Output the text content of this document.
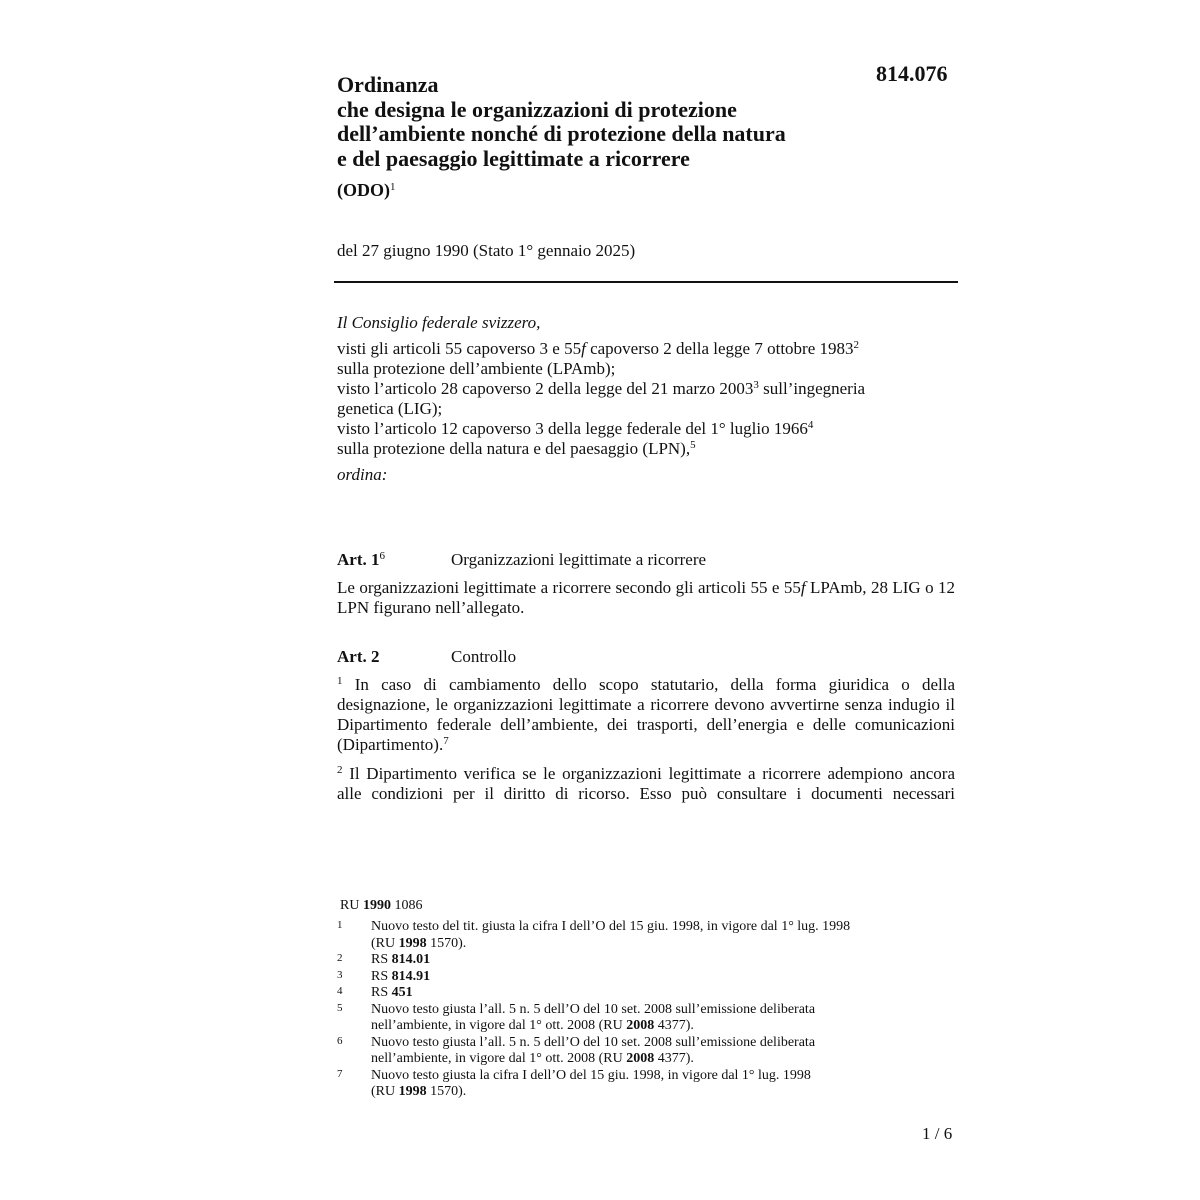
814.076
Ordinanza
che designa le organizzazioni di protezione
dell’ambiente nonché di protezione della natura
e del paesaggio legittimate a ricorrere
(ODO)$^1$
del 27 giugno 1990 (Stato 1° gennaio 2025)
Il Consiglio federale svizzero,
visti gli articoli 55 capoverso 3 e 55f capoverso 2 della legge 7 ottobre 1983$^2$
sulla protezione dell’ambiente (LPAmb);
visto l’articolo 28 capoverso 2 della legge del 21 marzo 2003$^3$ sull’ingegneria
genetica (LIG);
visto l’articolo 12 capoverso 3 della legge federale del 1° luglio 1966$^4$
sulla protezione della natura e del paesaggio (LPN),$^5$
ordina:
Art. $1^6$	Organizzazioni legittimate a ricorrere
Le organizzazioni legittimate a ricorrere secondo gli articoli 55 e 55f LPAmb, 28 LIG o 12 LPN figurano nell’allegato.
Art. 2	Controllo
$^1$ In caso di cambiamento dello scopo statutario, della forma giuridica o della designazione, le organizzazioni legittimate a ricorrere devono avvertirne senza indugio il Dipartimento federale dell’ambiente, dei trasporti, dell’energia e delle comunicazioni (Dipartimento).$^7$
$^2$ Il Dipartimento verifica se le organizzazioni legittimate a ricorrere adempiono ancora alle condizioni per il diritto di ricorso. Esso può consultare i documenti necessari
RU 1990 1086
1 Nuovo testo del tit. giusta la cifra I dell’O del 15 giu. 1998, in vigore dal 1° lug. 1998
(RU 1998 1570).
2 RS 814.01
3 RS 814.91
4 RS 451
5 Nuovo testo giusta l’all. 5 n. 5 dell’O del 10 set. 2008 sull’emissione deliberata
nell’ambiente, in vigore dal 1° ott. 2008 (RU 2008 4377).
6 Nuovo testo giusta l’all. 5 n. 5 dell’O del 10 set. 2008 sull’emissione deliberata
nell’ambiente, in vigore dal 1° ott. 2008 (RU 2008 4377).
7 Nuovo testo giusta la cifra I dell’O del 15 giu. 1998, in vigore dal 1° lug. 1998
(RU 1998 1570).
1 / 6
